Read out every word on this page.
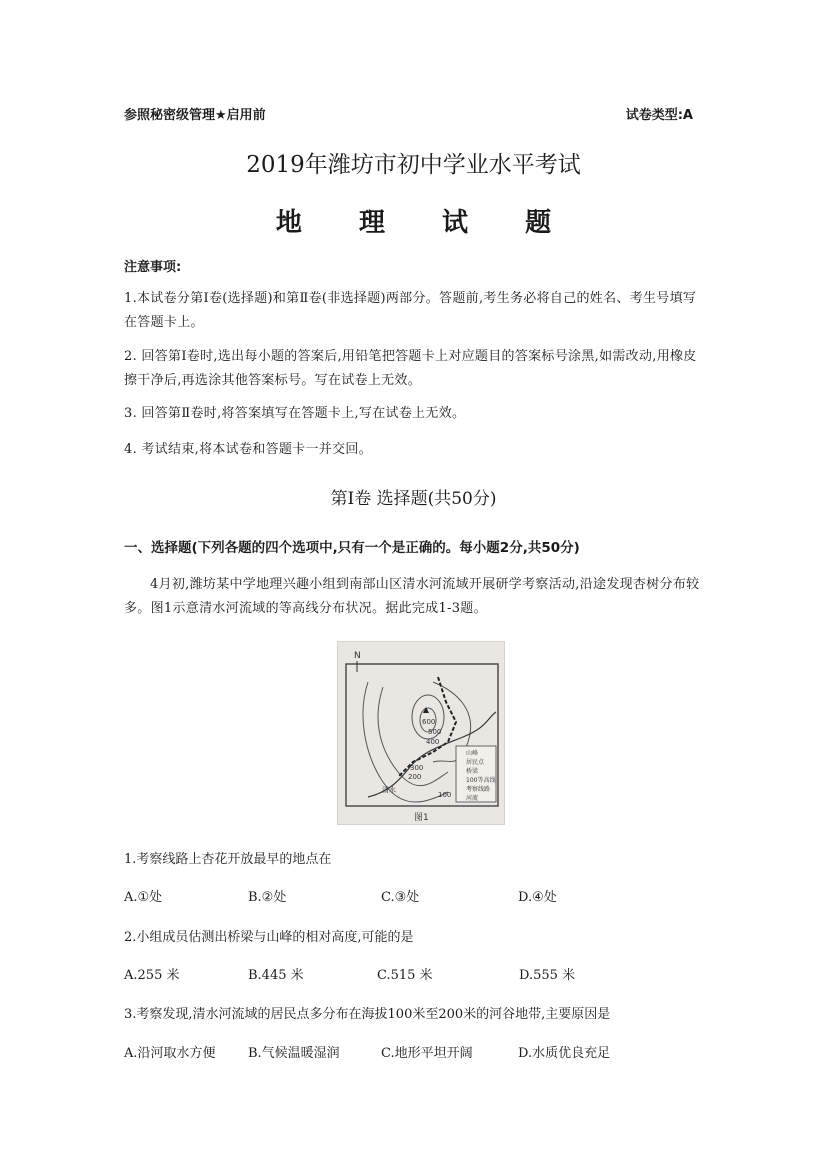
参照秘密级管理★启用前	试卷类型:A
2019年潍坊市初中学业水平考试
地 理 试 题
注意事项:
1.本试卷分第Ⅰ卷(选择题)和第Ⅱ卷(非选择题)两部分。答题前,考生务必将自己的姓名、考生号填写在答题卡上。
2. 回答第Ⅰ卷时,选出每小题的答案后,用铅笔把答题卡上对应题目的答案标号涂黑,如需改动,用橡皮擦干净后,再选涂其他答案标号。写在试卷上无效。
3. 回答第Ⅱ卷时,将答案填写在答题卡上,写在试卷上无效。
4. 考试结束,将本试卷和答题卡一并交回。
第Ⅰ卷 选择题(共50分)
一、选择题(下列各题的四个选项中,只有一个是正确的。每小题2分,共50分)
4月初,潍坊某中学地理兴趣小组到南部山区清水河流域开展研学考察活动,沿途发现杏树分布较多。图1示意清水河流域的等高线分布状况。据此完成1-3题。
N
600
500
400
300
200
100
清水
山峰
居民点
桥梁
100等高线
考察线路
河流
图1
1.考察线路上杏花开放最早的地点在
A.①处	B.②处	C.③处	D.④处
2.小组成员估测出桥梁与山峰的相对高度,可能的是
A.255 米	B.445 米	C.515 米	D.555 米
3.考察发现,清水河流域的居民点多分布在海拔100米至200米的河谷地带,主要原因是
A.沿河取水方便 B.气候温暖湿润	C.地形平坦开阔	D.水质优良充足
